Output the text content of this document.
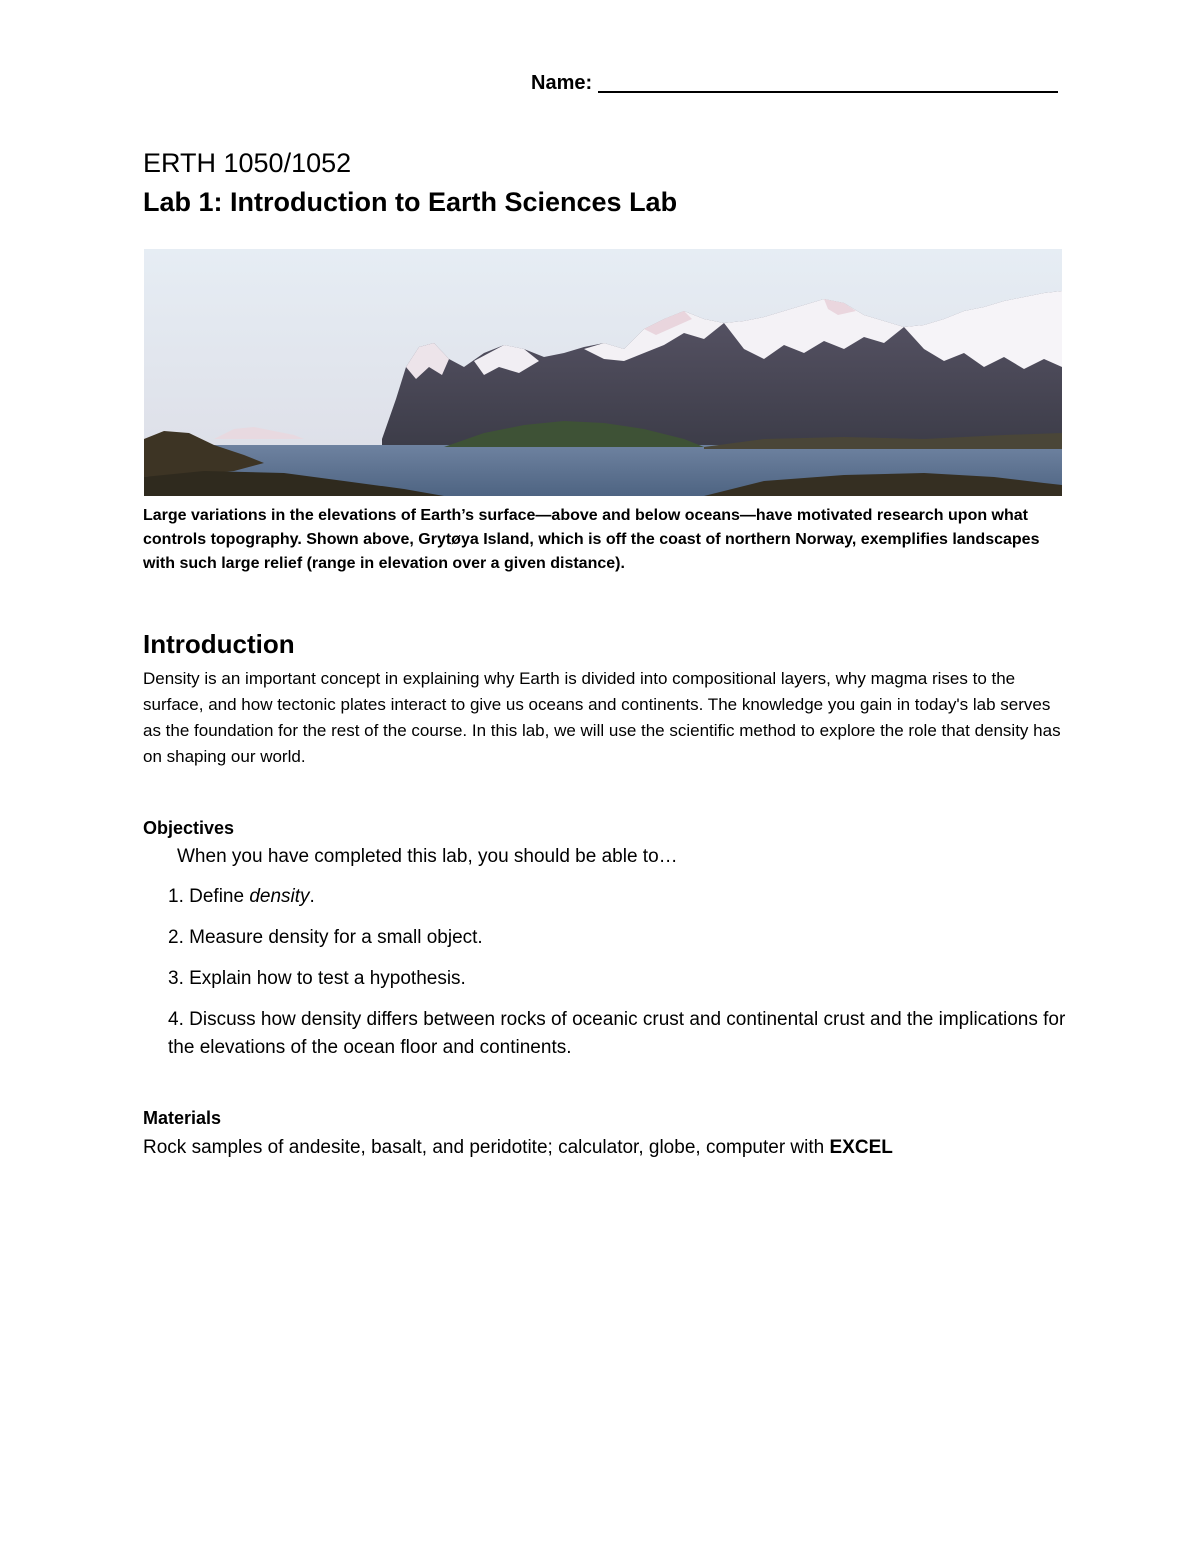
Name:
ERTH 1050/1052
Lab 1: Introduction to Earth Sciences Lab
Large variations in the elevations of Earth’s surface—above and below oceans—have motivated research upon what controls topography. Shown above, Grytøya Island, which is off the coast of northern Norway, exemplifies landscapes with such large relief (range in elevation over a given distance).
Introduction
Density is an important concept in explaining why Earth is divided into compositional layers, why magma rises to the surface, and how tectonic plates interact to give us oceans and continents. The knowledge you gain in today's lab serves as the foundation for the rest of the course. In this lab, we will use the scientific method to explore the role that density has on shaping our world.
Objectives
When you have completed this lab, you should be able to…
1. Define density.
2. Measure density for a small object.
3. Explain how to test a hypothesis.
4. Discuss how density differs between rocks of oceanic crust and continental crust and the implications for the elevations of the ocean floor and continents.
Materials
Rock samples of andesite, basalt, and peridotite; calculator, globe, computer with EXCEL
